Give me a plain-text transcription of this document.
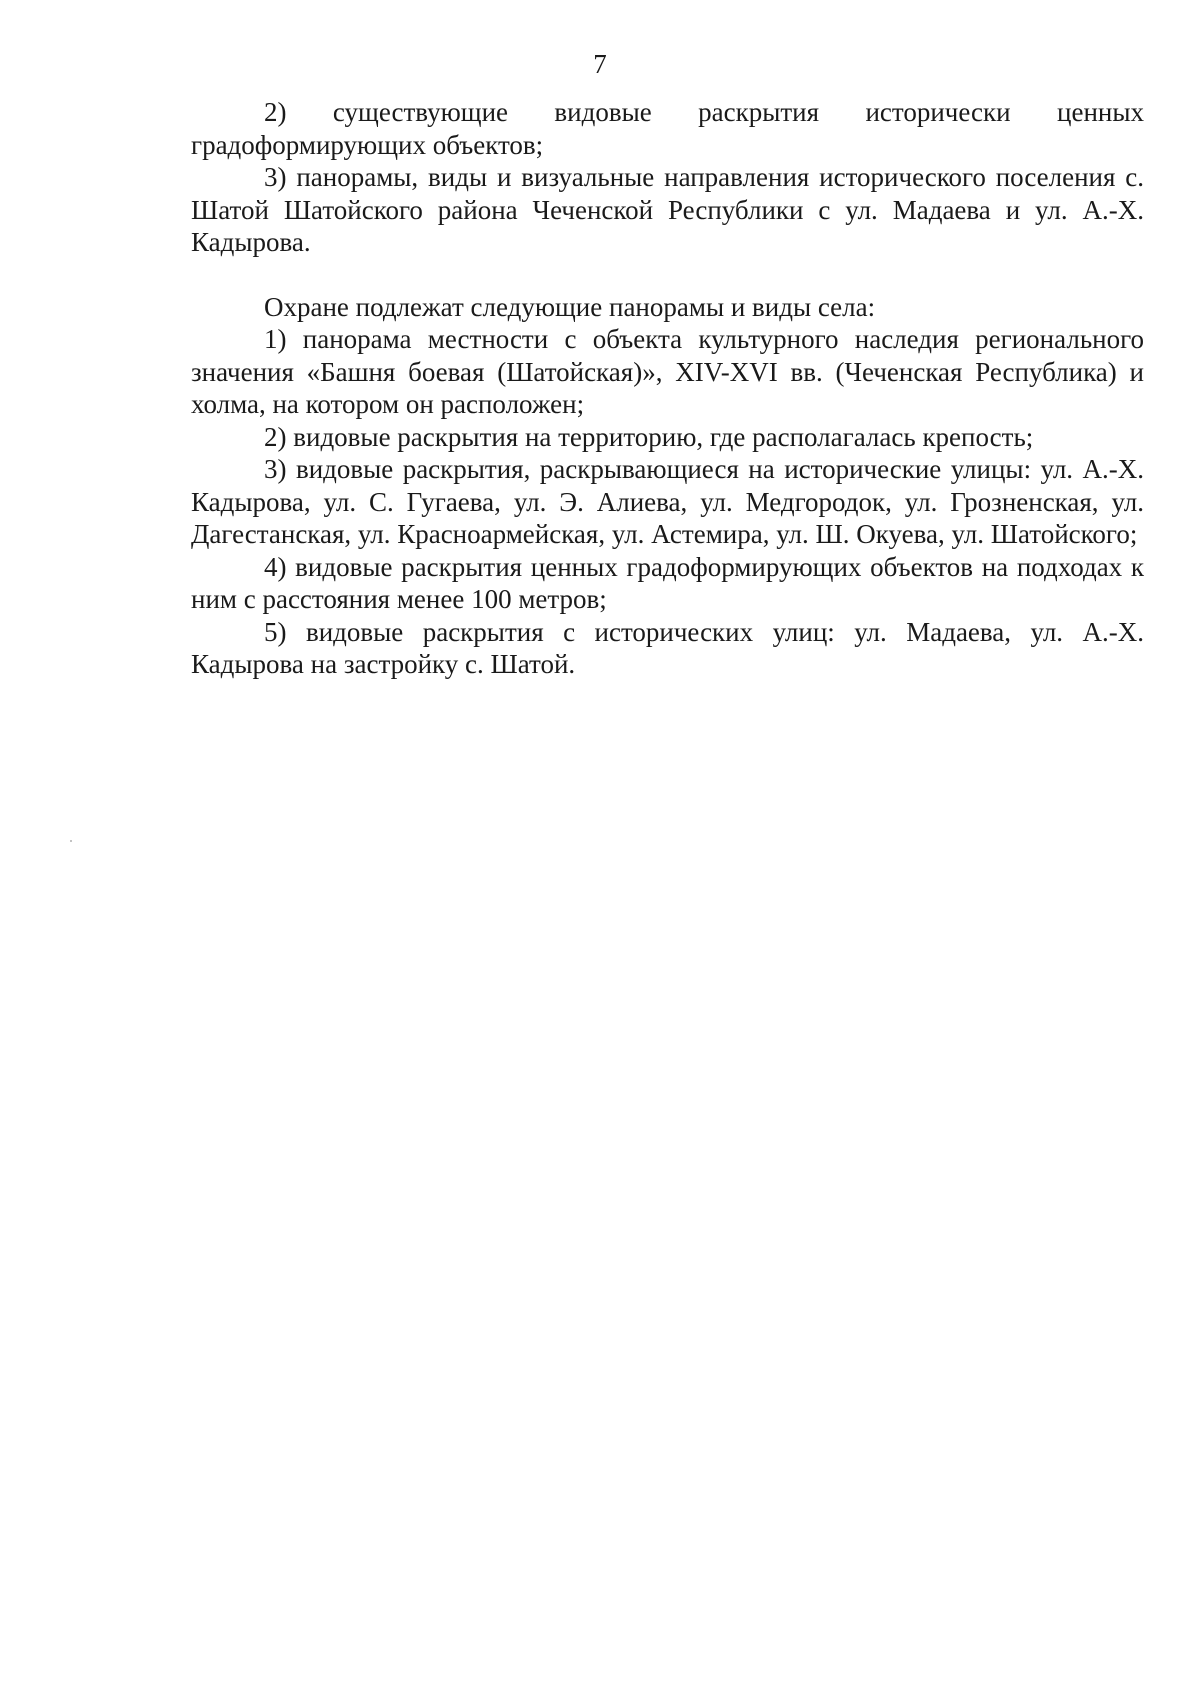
7

2) существующие видовые раскрытия исторически ценных градоформирующих объектов;

3) панорамы, виды и визуальные направления исторического поселения с. Шатой Шатойского района Чеченской Республики с ул. Мадаева и ул. А.-Х. Кадырова.

Охране подлежат следующие панорамы и виды села:

1) панорама местности с объекта культурного наследия регионального значения «Башня боевая (Шатойская)», XIV-XVI вв. (Чеченская Республика) и холма, на котором он расположен;

2) видовые раскрытия на территорию, где располагалась крепость;

3) видовые раскрытия, раскрывающиеся на исторические улицы: ул. А.-Х. Кадырова, ул. С. Гугаева, ул. Э. Алиева, ул. Медгородок, ул. Грозненская, ул. Дагестанская, ул. Красноармейская, ул. Астемира, ул. Ш. Окуева, ул. Шатойского;

4) видовые раскрытия ценных градоформирующих объектов на подходах к ним с расстояния менее 100 метров;

5) видовые раскрытия с исторических улиц: ул. Мадаева, ул. А.-Х. Кадырова на застройку с. Шатой.
